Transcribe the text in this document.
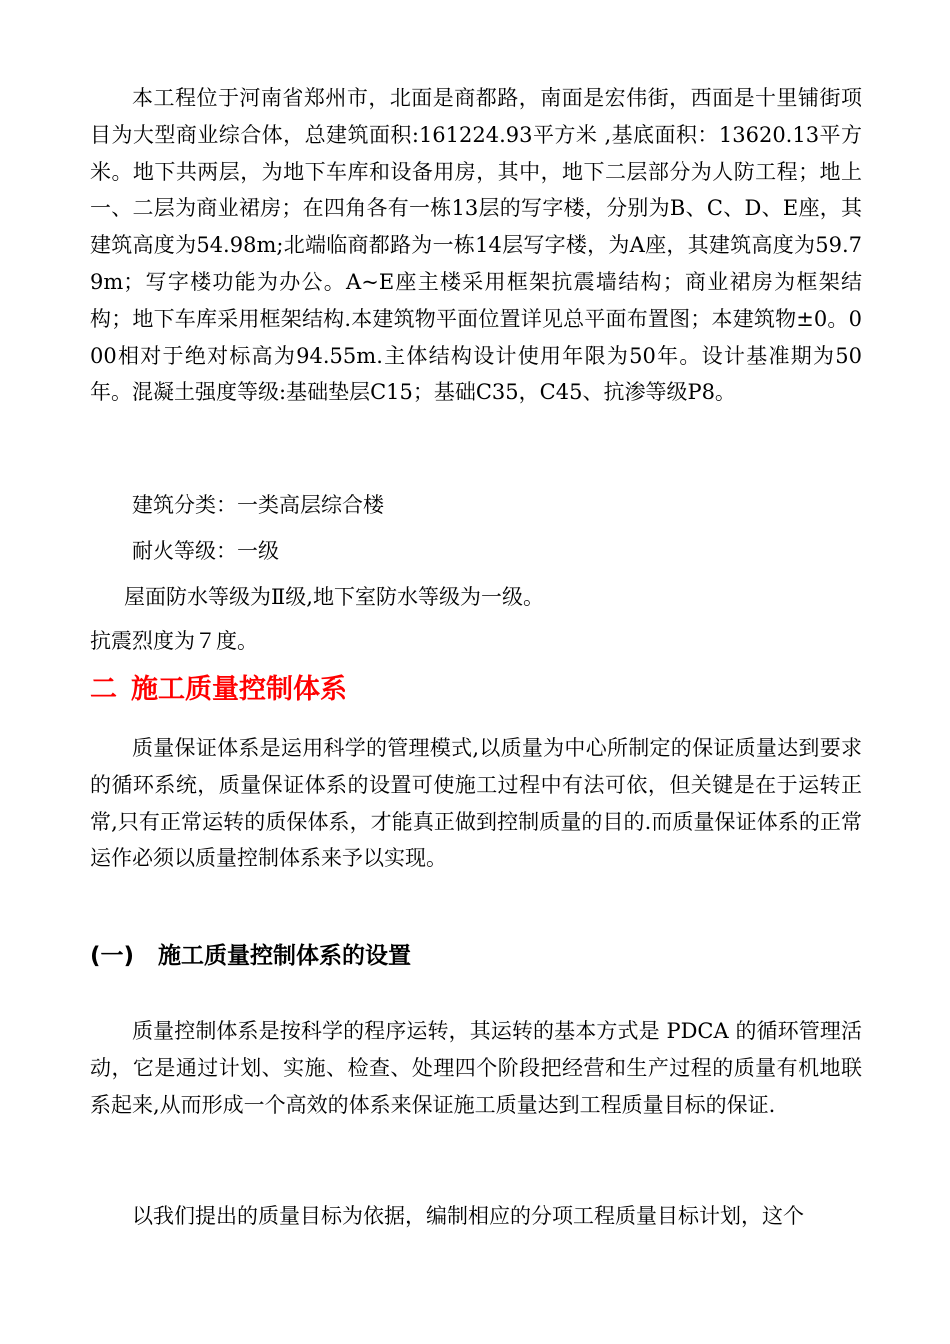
本工程位于河南省郑州市，北面是商都路，南面是宏伟街，西面是十里铺街项目为大型商业综合体，总建筑面积:161224.93平方米 ,基底面积：13620.13平方米。地下共两层，为地下车库和设备用房，其中，地下二层部分为人防工程；地上一、二层为商业裙房；在四角各有一栋13层的写字楼，分别为B、C、D、E座，其建筑高度为54.98m;北端临商都路为一栋14层写字楼，为A座，其建筑高度为59.79m；写字楼功能为办公。A~E座主楼采用框架抗震墙结构；商业裙房为框架结构；地下车库采用框架结构.本建筑物平面位置详见总平面布置图；本建筑物±0。000相对于绝对标高为94.55m.主体结构设计使用年限为50年。设计基准期为50年。混凝土强度等级:基础垫层C15；基础C35，C45、抗渗等级P8。

建筑分类：一类高层综合楼

耐火等级：一级

屋面防水等级为Ⅱ级,地下室防水等级为一级。

抗震烈度为７度。

二 施工质量控制体系

质量保证体系是运用科学的管理模式,以质量为中心所制定的保证质量达到要求的循环系统，质量保证体系的设置可使施工过程中有法可依，但关键是在于运转正常,只有正常运转的质保体系，才能真正做到控制质量的目的.而质量保证体系的正常运作必须以质量控制体系来予以实现。

(一) 施工质量控制体系的设置

质量控制体系是按科学的程序运转，其运转的基本方式是 PDCA 的循环管理活动，它是通过计划、实施、检查、处理四个阶段把经营和生产过程的质量有机地联系起来,从而形成一个高效的体系来保证施工质量达到工程质量目标的保证.

以我们提出的质量目标为依据，编制相应的分项工程质量目标计划，这个
